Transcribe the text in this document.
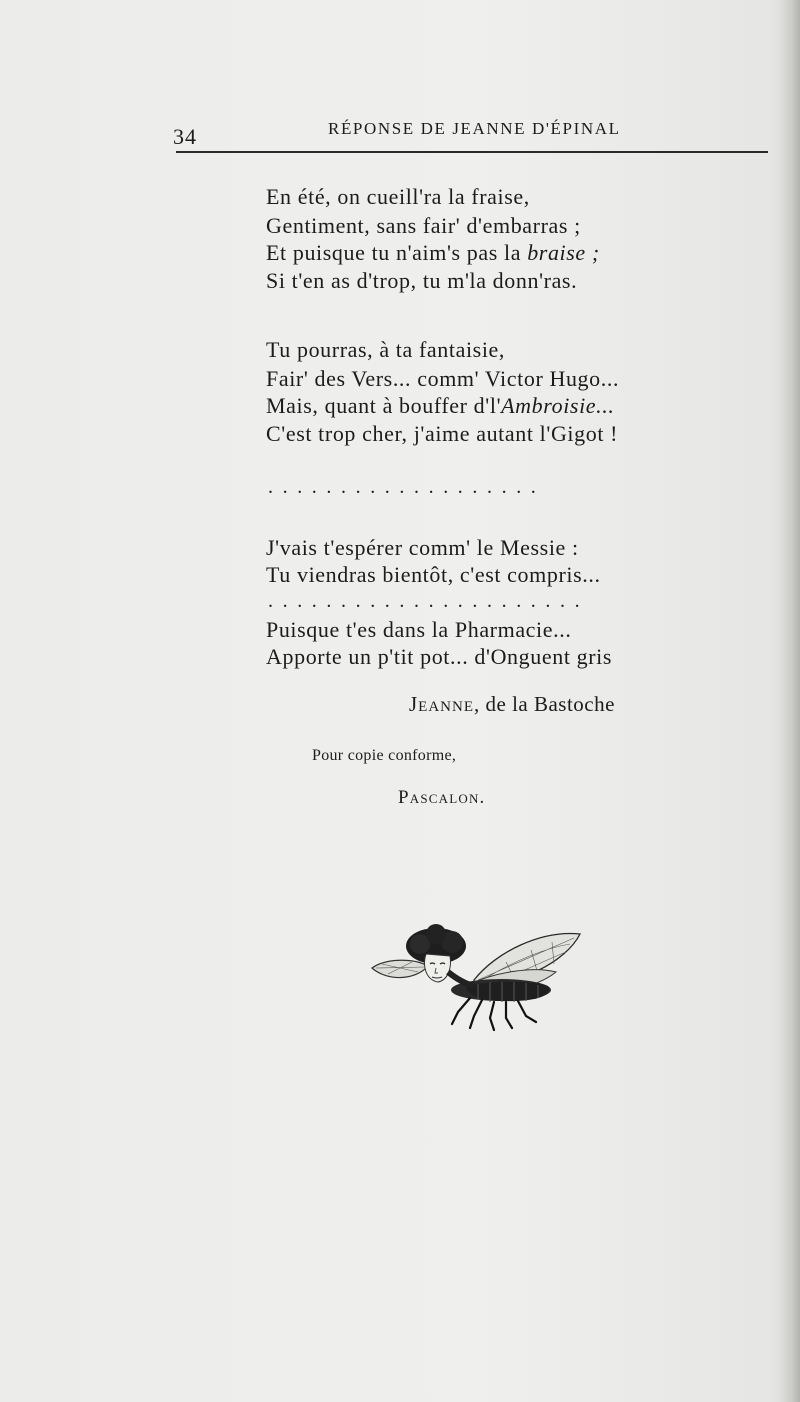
34	RÉPONSE DE JEANNE D'ÉPINAL
En été, on cueill'ra la fraise,
Gentiment, sans fair' d'embarras ;
Et puisque tu n'aim's pas la braise ;
Si t'en as d'trop, tu m'la donn'ras.
Tu pourras, à ta fantaisie,
Fair' des Vers... comm' Victor Hugo...
Mais, quant à bouffer d'l'Ambroisie...
C'est trop cher, j'aime autant l'Gigot !
...................
J'vais t'espérer comm' le Messie :
Tu viendras bientôt, c'est compris...
......................
Puisque t'es dans la Pharmacie...
Apporte un p'tit pot... d'Onguent gris
Jeanne, de la Bastoche
Pour copie conforme,
Pascalon.
